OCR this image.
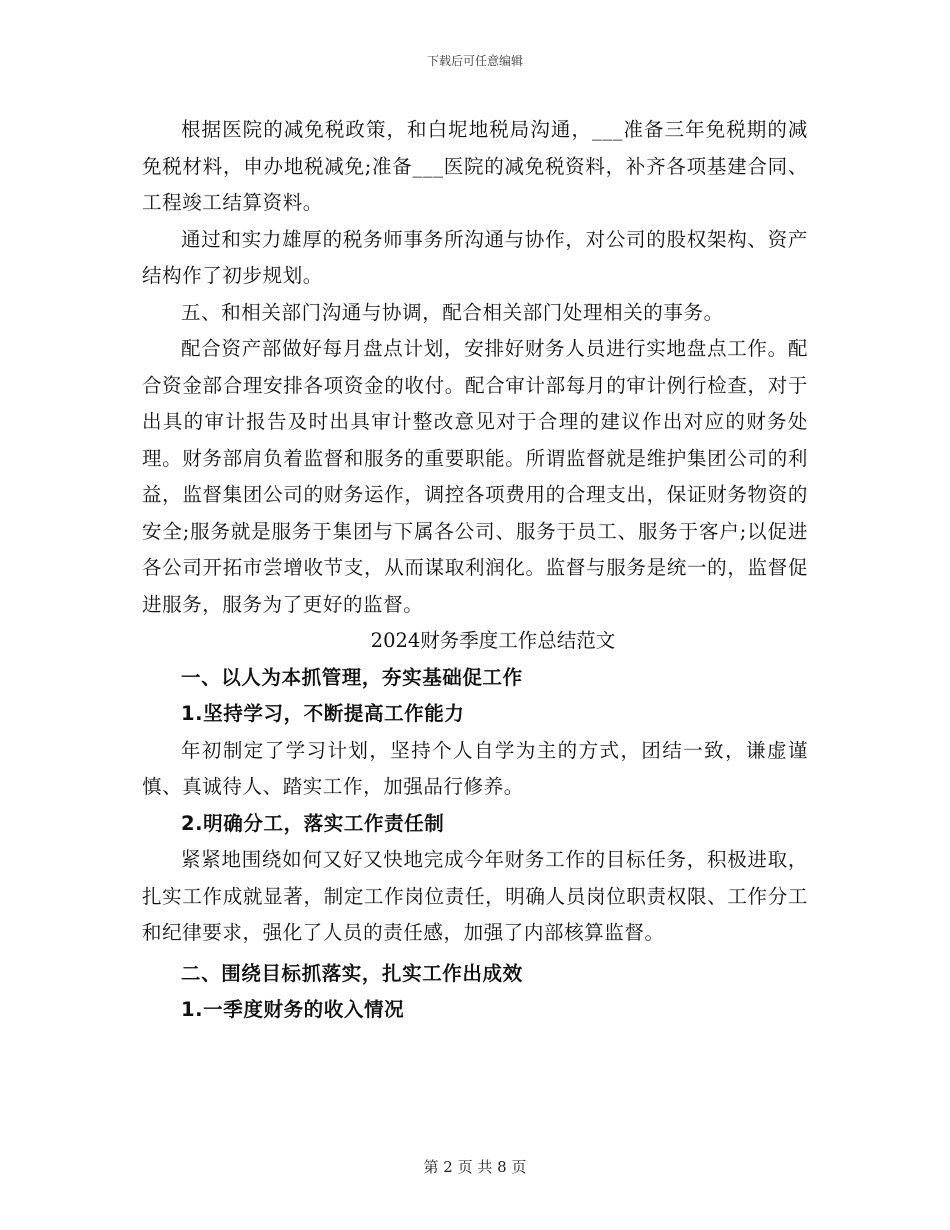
下载后可任意编辑

根据医院的减免税政策，和白坭地税局沟通，___准备三年免税期的减免税材料，申办地税减免;准备___医院的减免税资料，补齐各项基建合同、工程竣工结算资料。

通过和实力雄厚的税务师事务所沟通与协作，对公司的股权架构、资产结构作了初步规划。

五、和相关部门沟通与协调，配合相关部门处理相关的事务。

配合资产部做好每月盘点计划，安排好财务人员进行实地盘点工作。配合资金部合理安排各项资金的收付。配合审计部每月的审计例行检查，对于出具的审计报告及时出具审计整改意见对于合理的建议作出对应的财务处理。财务部肩负着监督和服务的重要职能。所谓监督就是维护集团公司的利益，监督集团公司的财务运作，调控各项费用的合理支出，保证财务物资的安全;服务就是服务于集团与下属各公司、服务于员工、服务于客户;以促进各公司开拓市尝增收节支，从而谋取利润化。监督与服务是统一的，监督促进服务，服务为了更好的监督。

2024财务季度工作总结范文

一、以人为本抓管理，夯实基础促工作

1.坚持学习，不断提高工作能力

年初制定了学习计划，坚持个人自学为主的方式，团结一致，谦虚谨慎、真诚待人、踏实工作，加强品行修养。

2.明确分工，落实工作责任制

紧紧地围绕如何又好又快地完成今年财务工作的目标任务，积极进取，扎实工作成就显著，制定工作岗位责任，明确人员岗位职责权限、工作分工和纪律要求，强化了人员的责任感，加强了内部核算监督。

二、围绕目标抓落实，扎实工作出成效

1.一季度财务的收入情况

第 2 页 共 8 页
